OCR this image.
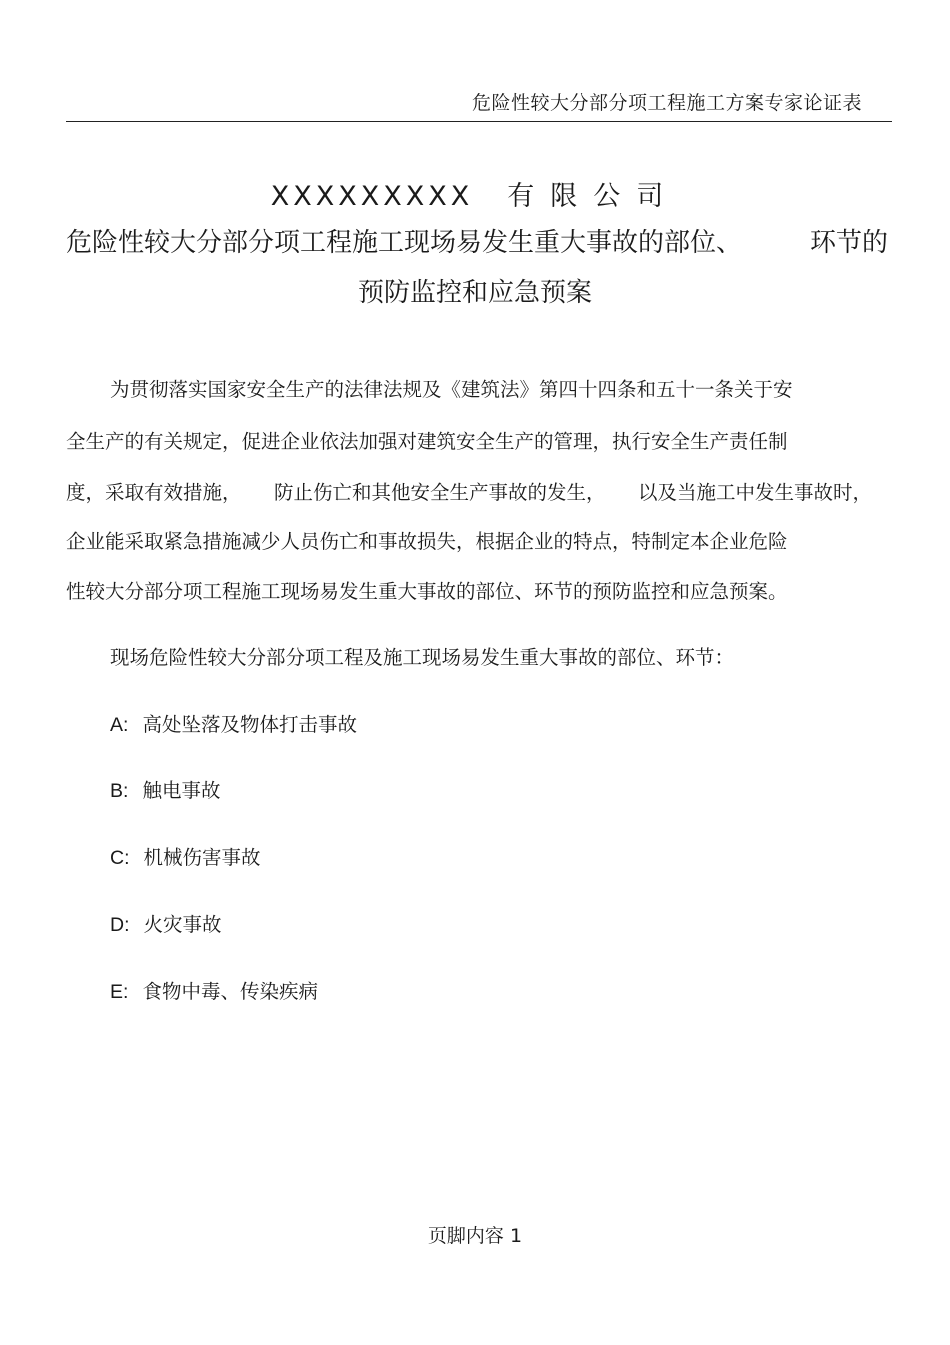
危险性较大分部分项工程施工方案专家论证表
XXXXXXXXX 有限公司
危险性较大分部分项工程施工现场易发生重大事故的部位、	环节的
预防监控和应急预案
为贯彻落实国家安全生产的法律法规及《建筑法》第四十四条和五十一条关于安
全生产的有关规定，促进企业依法加强对建筑安全生产的管理，执行安全生产责任制
度，采取有效措施， 防止伤亡和其他安全生产事故的发生， 以及当施工中发生事故时，
企业能采取紧急措施减少人员伤亡和事故损失，根据企业的特点，特制定本企业危险
性较大分部分项工程施工现场易发生重大事故的部位、环节的预防监控和应急预案。
现场危险性较大分部分项工程及施工现场易发生重大事故的部位、环节：
A: 高处坠落及物体打击事故
B: 触电事故
C: 机械伤害事故
D: 火灾事故
E: 食物中毒、传染疾病
页脚内容 1
